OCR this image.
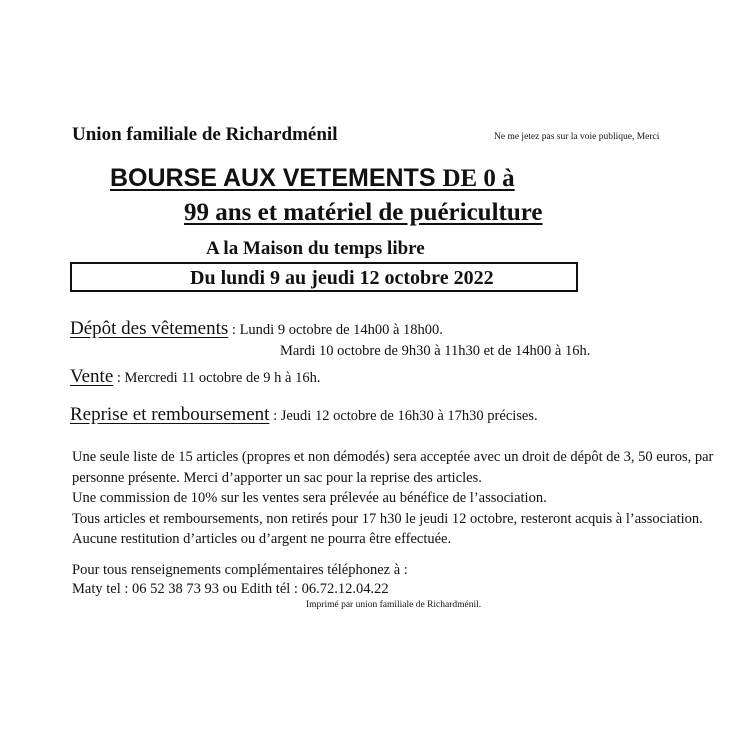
Union familiale de Richardménil	Ne me jetez pas sur la voie publique, Merci
BOURSE AUX VETEMENTS DE 0 à
99 ans et matériel de puériculture
A la Maison du temps libre
Du lundi 9 au jeudi 12 octobre 2022
Dépôt des vêtements : Lundi 9 octobre de 14h00 à 18h00.
Mardi 10 octobre de 9h30 à 11h30 et de 14h00 à 16h.
Vente : Mercredi 11 octobre de 9 h à 16h.
Reprise et remboursement : Jeudi 12 octobre de 16h30 à 17h30 précises.

Une seule liste de 15 articles (propres et non démodés) sera acceptée avec un droit de dépôt de 3, 50 euros, par personne présente. Merci d’apporter un sac pour la reprise des articles.

Une commission de 10% sur les ventes sera prélevée au bénéfice de l’association.

Tous articles et remboursements, non retirés pour 17 h30 le jeudi 12 octobre, resteront acquis à l’association. Aucune restitution d’articles ou d’argent ne pourra être effectuée.

Pour tous renseignements complémentaires téléphonez à :

Maty tel : 06 52 38 73 93 ou Edith tél : 06.72.12.04.22

Imprimé par union familiale de Richardménil.
